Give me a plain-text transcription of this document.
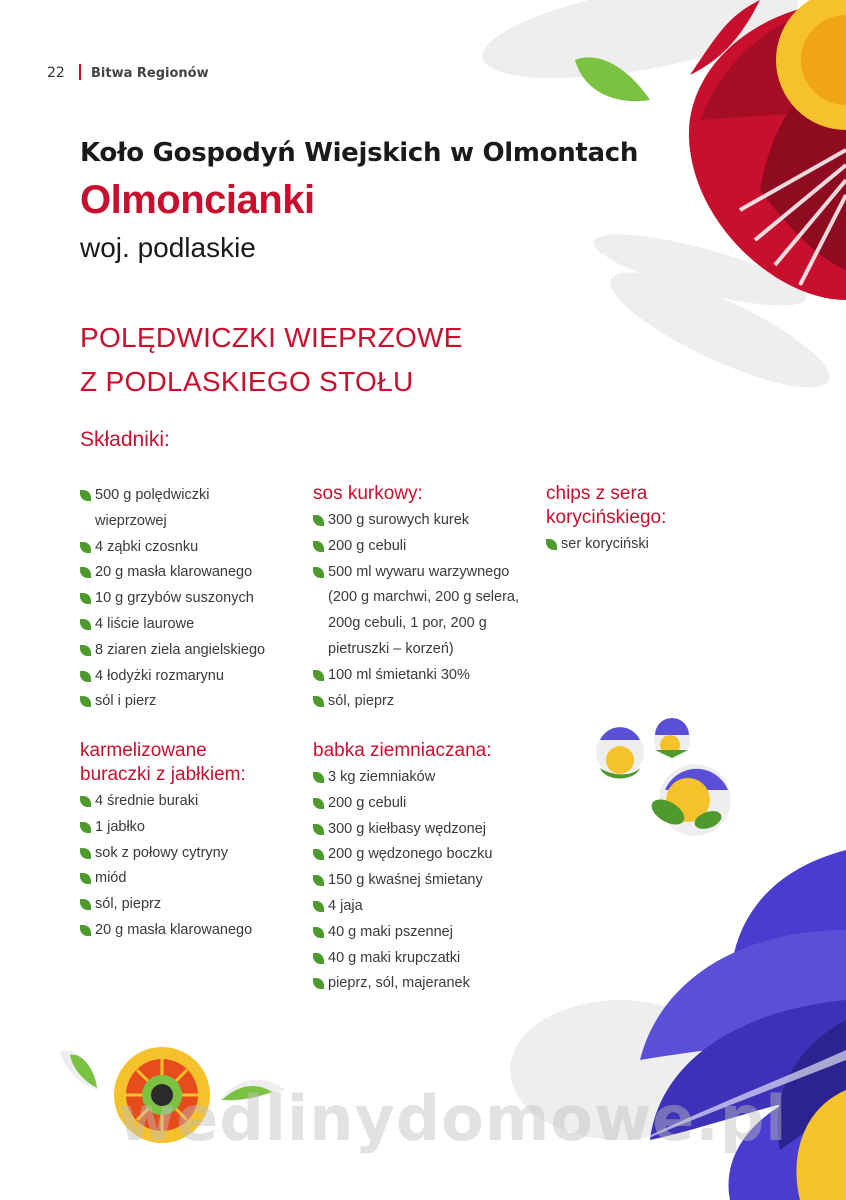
22 Bitwa Regionów
Koło Gospodyń Wiejskich w Olmontach
Olmoncianki
woj. podlaskie
POLĘDWICZKI WIEPRZOWE
Z PODLASKIEGO STOŁU
Składniki:
500 g polędwiczki
wieprzowej
4 ząbki czosnku
20 g masła klarowanego
10 g grzybów suszonych
4 liście laurowe
8 ziaren ziela angielskiego
4 łodyżki rozmarynu
sól i pierz
sos kurkowy:
300 g surowych kurek
200 g cebuli
500 ml wywaru warzywnego
(200 g marchwi, 200 g selera,
200g cebuli, 1 por, 200 g
pietruszki – korzeń)
100 ml śmietanki 30%
sól, pieprz
chips z sera
korycińskiego:
ser koryciński
karmelizowane
buraczki z jabłkiem:
4 średnie buraki
1 jabłko
sok z połowy cytryny
miód
sól, pieprz
20 g masła klarowanego
babka ziemniaczana:
3 kg ziemniaków
200 g cebuli
300 g kiełbasy wędzonej
200 g wędzonego boczku
150 g kwaśnej śmietany
4 jaja
40 g maki pszennej
40 g maki krupczatki
pieprz, sól, majeranek
wedlinydomowe.pl
